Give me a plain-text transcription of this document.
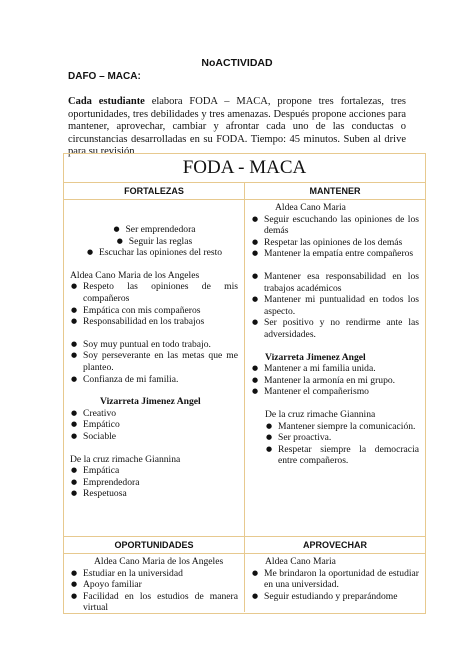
NoACTIVIDAD
DAFO – MACA:
Cada estudiante elabora FODA – MACA, propone tres fortalezas, tres oportunidades, tres debilidades y tres amenazas. Después propone acciones para mantener, aprovechar, cambiar y afrontar cada uno de las conductas o circunstancias desarrolladas en su FODA. Tiempo: 45 minutos. Suben al drive para su revisión
FODA - MACA
FORTALEZAS	MANTENER
● Ser emprendedora
● Seguir las reglas
● Escuchar las opiniones del resto
Aldea Cano Maria de los Angeles
● Respeto las opiniones de mis compañeros
● Empática con mis compañeros
● Responsabilidad en los trabajos
● Soy muy puntual en todo trabajo.
● Soy perseverante en las metas que me planteo.
● Confianza de mi familia.
Vizarreta Jimenez Angel
● Creativo
● Empático
● Sociable
De la cruz rimache Giannina
● Empática
● Emprendedora
● Respetuosa
Aldea Cano Maria
● Seguir escuchando las opiniones de los demás
● Respetar las opiniones de los demás
● Mantener la empatía entre compañeros
● Mantener esa responsabilidad en los trabajos académicos
● Mantener mi puntualidad en todos los aspecto.
● Ser positivo y no rendirme ante las adversidades.
Vizarreta Jimenez Angel
● Mantener a mi familia unida.
● Mantener la armonía en mi grupo.
● Mantener el compañerismo
De la cruz rimache Giannina
● Mantener siempre la comunicación.
● Ser proactiva.
● Respetar siempre la democracia entre compañeros.
OPORTUNIDADES	APROVECHAR
Aldea Cano Maria de los Angeles
● Estudiar en la universidad
● Apoyo familiar
● Facilidad en los estudios de manera virtual
Aldea Cano Maria
● Me brindaron la oportunidad de estudiar en una universidad.
● Seguir estudiando y preparándome
